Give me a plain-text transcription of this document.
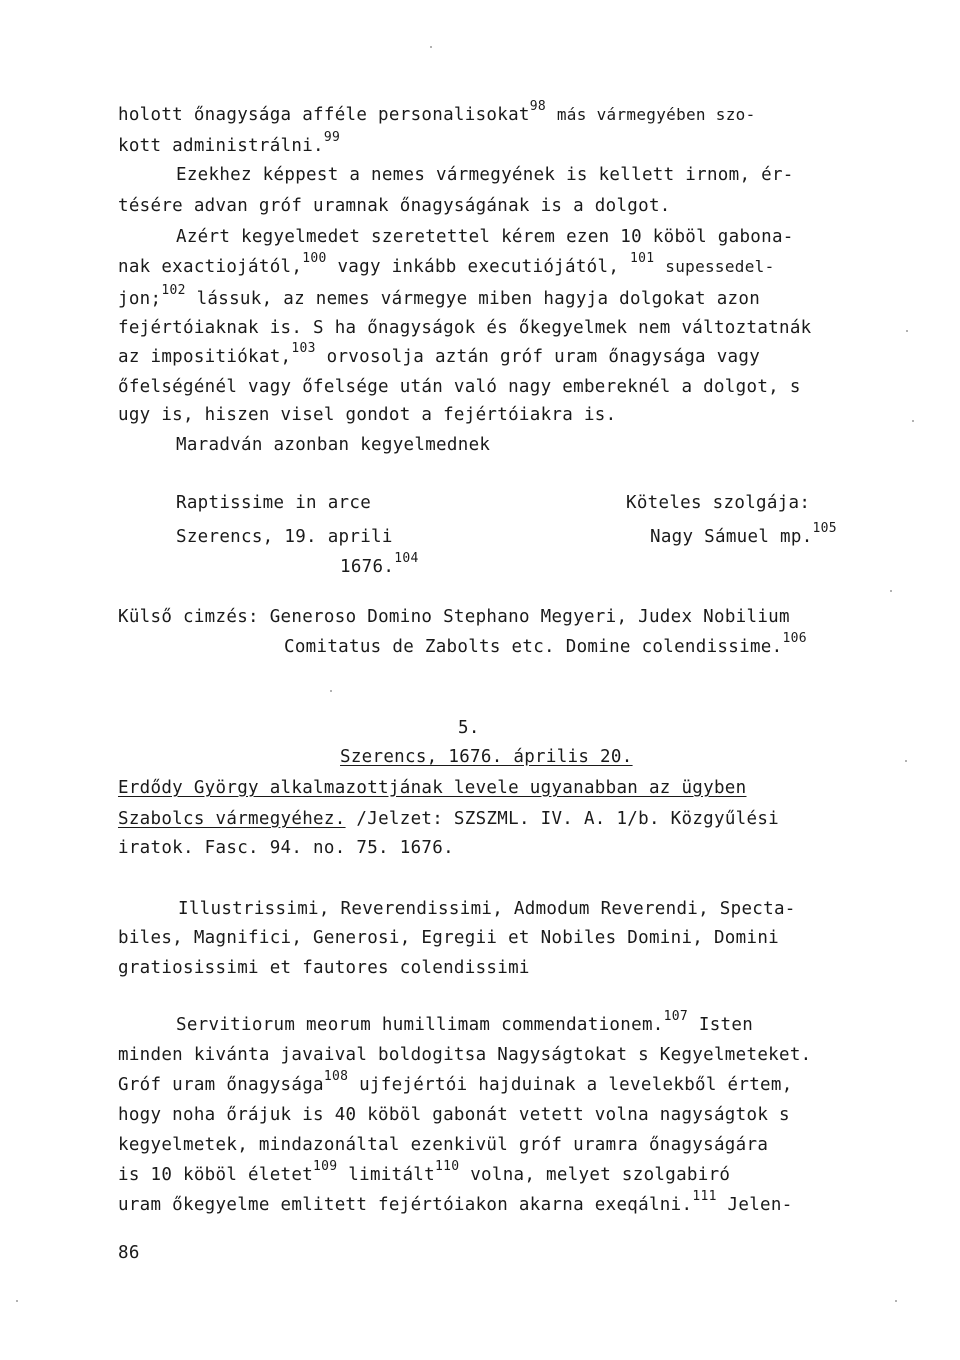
holott őnagysága afféle personalisokat$^{98}$ más vármegyében szo-
kott administrálni.$^{99}$
Ezekhez képpest a nemes vármegyének is kellett irnom, ér-
tésére advan gróf uramnak őnagyságának is a dolgot.
Azért kegyelmedet szeretettel kérem ezen 10 köböl gabona-
nak exactiojától,$^{100}$ vagy inkább executiójától, $^{101}$ supessedel-
jon;$^{102}$ lássuk, az nemes vármegye miben hagyja dolgokat azon
fejértóiaknak is. S ha őnagyságok és őkegyelmek nem változtatnák
az impositiókat,$^{103}$ orvosolja aztán gróf uram őnagysága vagy
őfelségénél vagy őfelsége után való nagy embereknél a dolgot, s
ugy is, hiszen visel gondot a fejértóiakra is.
Maradván azonban kegyelmednek
Raptissime in arce	Köteles szolgája:
Szerencs, 19. aprili	Nagy Sámuel mp.$^{105}$
1676.$^{104}$
Külső cimzés: Generoso Domino Stephano Megyeri, Judex Nobilium
Comitatus de Zabolts etc. Domine colendissime.$^{106}$
5.
Szerencs, 1676. április 20.
Erdődy György alkalmazottjának levele ugyanabban az ügyben
Szabolcs vármegyéhez. /Jelzet: SZSZML. IV. A. 1/b. Közgyűlési
iratok. Fasc. 94. no. 75. 1676.
Illustrissimi, Reverendissimi, Admodum Reverendi, Specta-
biles, Magnifici, Generosi, Egregii et Nobiles Domini, Domini
gratiosissimi et fautores colendissimi
Servitiorum meorum humillimam commendationem.$^{107}$ Isten
minden kivánta javaival boldogitsa Nagyságtokat s Kegyelmeteket.
Gróf uram őnagysága$^{108}$ ujfejértói hajduinak a levelekből értem,
hogy noha őrájuk is 40 köböl gabonát vetett volna nagyságtok s
kegyelmetek, mindazonáltal ezenkivül gróf uramra őnagyságára
is 10 köböl életet$^{109}$ limitált$^{110}$ volna, melyet szolgabiró
uram őkegyelme emlitett fejértóiakon akarna exeqálni.$^{111}$ Jelen-
86
